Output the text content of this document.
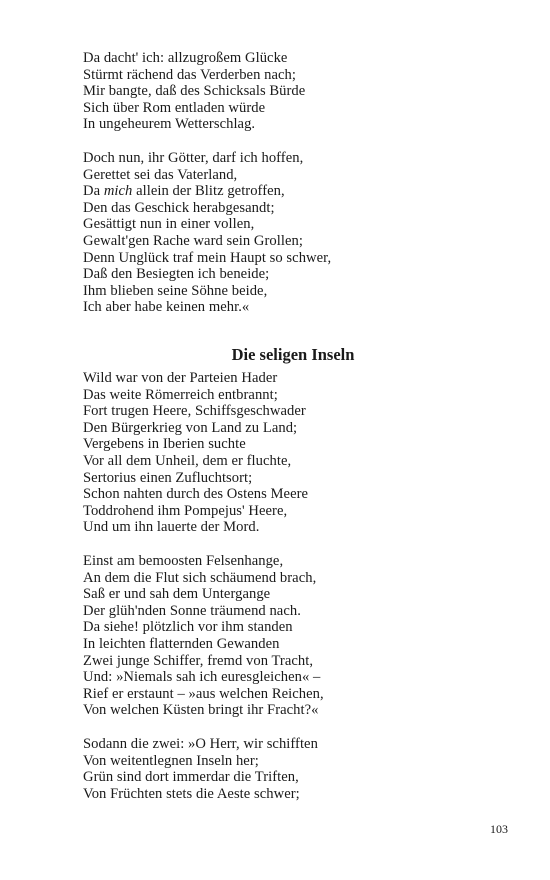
Da dacht' ich: allzugroßem Glücke
Stürmt rächend das Verderben nach;
Mir bangte, daß des Schicksals Bürde
Sich über Rom entladen würde
In ungeheurem Wetterschlag.
Doch nun, ihr Götter, darf ich hoffen,
Gerettet sei das Vaterland,
Da mich allein der Blitz getroffen,
Den das Geschick herabgesandt;
Gesättigt nun in einer vollen,
Gewalt'gen Rache ward sein Grollen;
Denn Unglück traf mein Haupt so schwer,
Daß den Besiegten ich beneide;
Ihm blieben seine Söhne beide,
Ich aber habe keinen mehr.«
Die seligen Inseln
Wild war von der Parteien Hader
Das weite Römerreich entbrannt;
Fort trugen Heere, Schiffsgeschwader
Den Bürgerkrieg von Land zu Land;
Vergebens in Iberien suchte
Vor all dem Unheil, dem er fluchte,
Sertorius einen Zufluchtsort;
Schon nahten durch des Ostens Meere
Toddrohend ihm Pompejus' Heere,
Und um ihn lauerte der Mord.
Einst am bemoosten Felsenhange,
An dem die Flut sich schäumend brach,
Saß er und sah dem Untergange
Der glüh'nden Sonne träumend nach.
Da siehe! plötzlich vor ihm standen
In leichten flatternden Gewanden
Zwei junge Schiffer, fremd von Tracht,
Und: »Niemals sah ich euresgleichen« –
Rief er erstaunt – »aus welchen Reichen,
Von welchen Küsten bringt ihr Fracht?«
Sodann die zwei: »O Herr, wir schifften
Von weitentlegnen Inseln her;
Grün sind dort immerdar die Triften,
Von Früchten stets die Aeste schwer;
103
